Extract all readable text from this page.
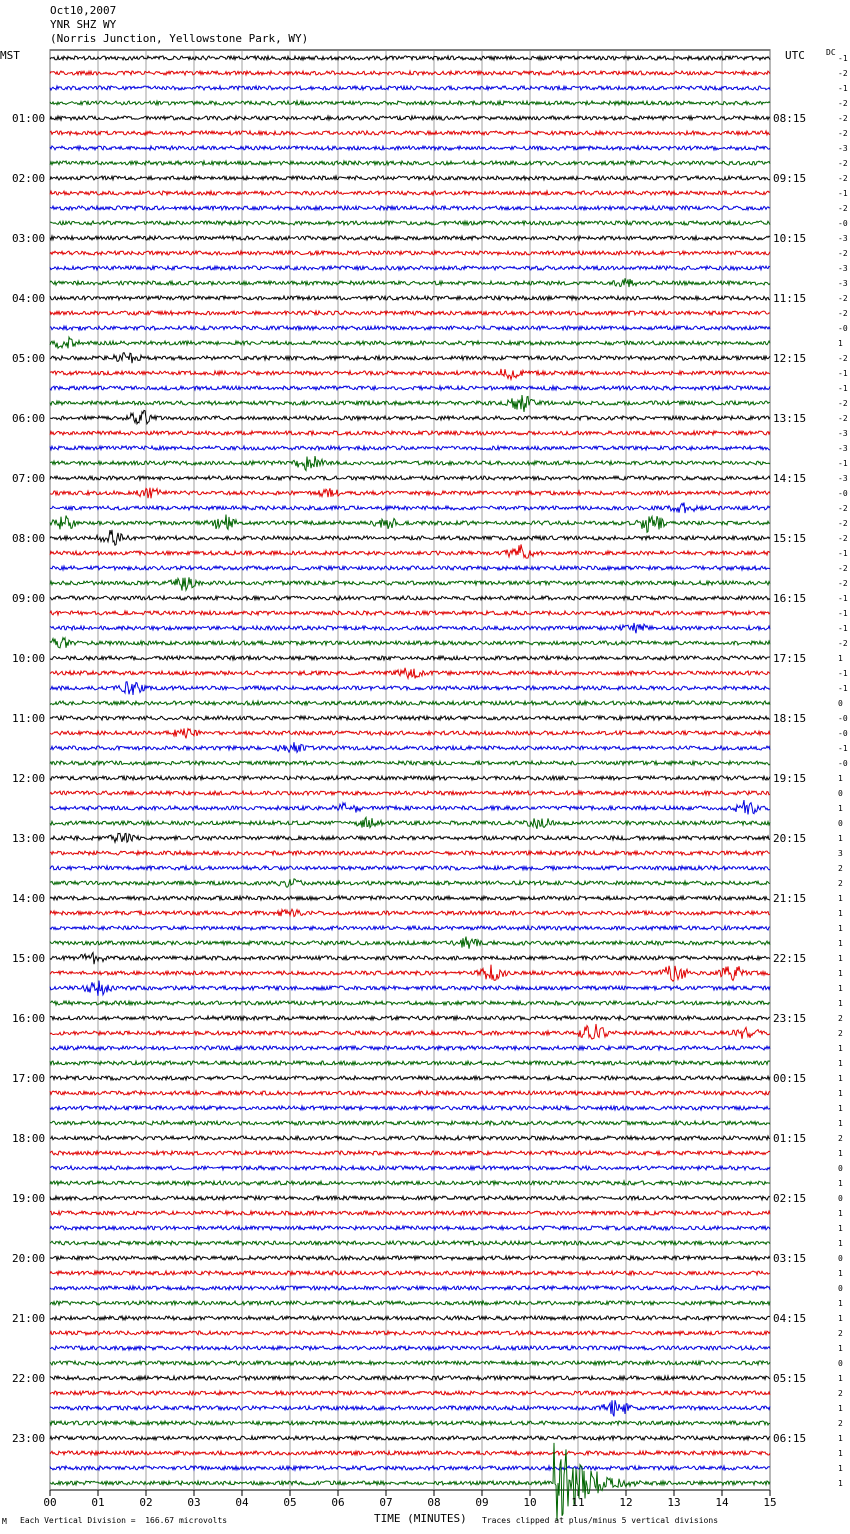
Oct10,2007
YNR SHZ WY
(Norris Junction, Yellowstone Park, WY)
MST	UTC	DC
-1
-2
-1
-2
-2
-2
-3
-2
-2
-1
-2
-0
-3
-2
-3
-3
-2
-2
-0
1
-2
-1
-1
-2
-2
-3
-3
-1
-3
-0
-2
-2
-2
-1
-2
-2
-1
-1
-1
-2
1
-1
-1
0
-0
-0
-1
-0
1
0
1
0
1
3
2
2
1
1
1
1
1
1
1
1
2
2
1
1
1
1
1
1
2
1
0
1
0
1
1
1
0
1
0
1
1
2
1
0
1
2
1
2
1
1
1
1
01:00
02:00
03:00
04:00
05:00
06:00
07:00
08:00
09:00
10:00
11:00
12:00
13:00
14:00
15:00
16:00
17:00
18:00
19:00
20:00
21:00
22:00
23:00
08:15
09:15
10:15
11:15
12:15
13:15
14:15
15:15
16:15
17:15
18:15
19:15
20:15
21:15
22:15
23:15
00:15
01:15
02:15
03:15
04:15
05:15
06:15
00	01	02	03	04	05	06	07	08	09	10	11	12	13	14	15
TIME (MINUTES)
M Each Vertical Division =  166.67 microvolts	Traces clipped at plus/minus 5 vertical divisions
